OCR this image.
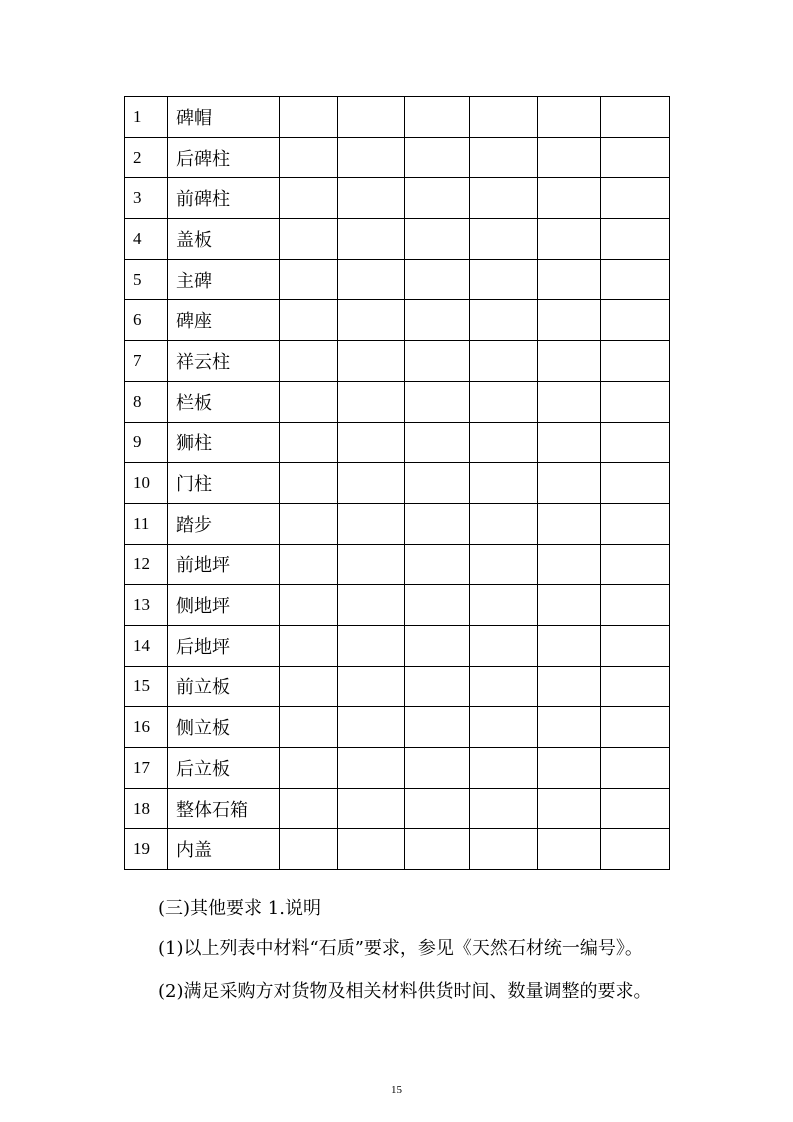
1	碑帽						
2	后碑柱						
3	前碑柱						
4	盖板						
5	主碑						
6	碑座						
7	祥云柱						
8	栏板						
9	狮柱						
10	门柱						
11	踏步						
12	前地坪						
13	侧地坪						
14	后地坪						
15	前立板						
16	侧立板						
17	后立板						
18	整体石箱						
19	内盖						
(三)其他要求 1.说明
(1)以上列表中材料“石质”要求，参见《天然石材统一编号》。
(2)满足采购方对货物及相关材料供货时间、数量调整的要求。
15
